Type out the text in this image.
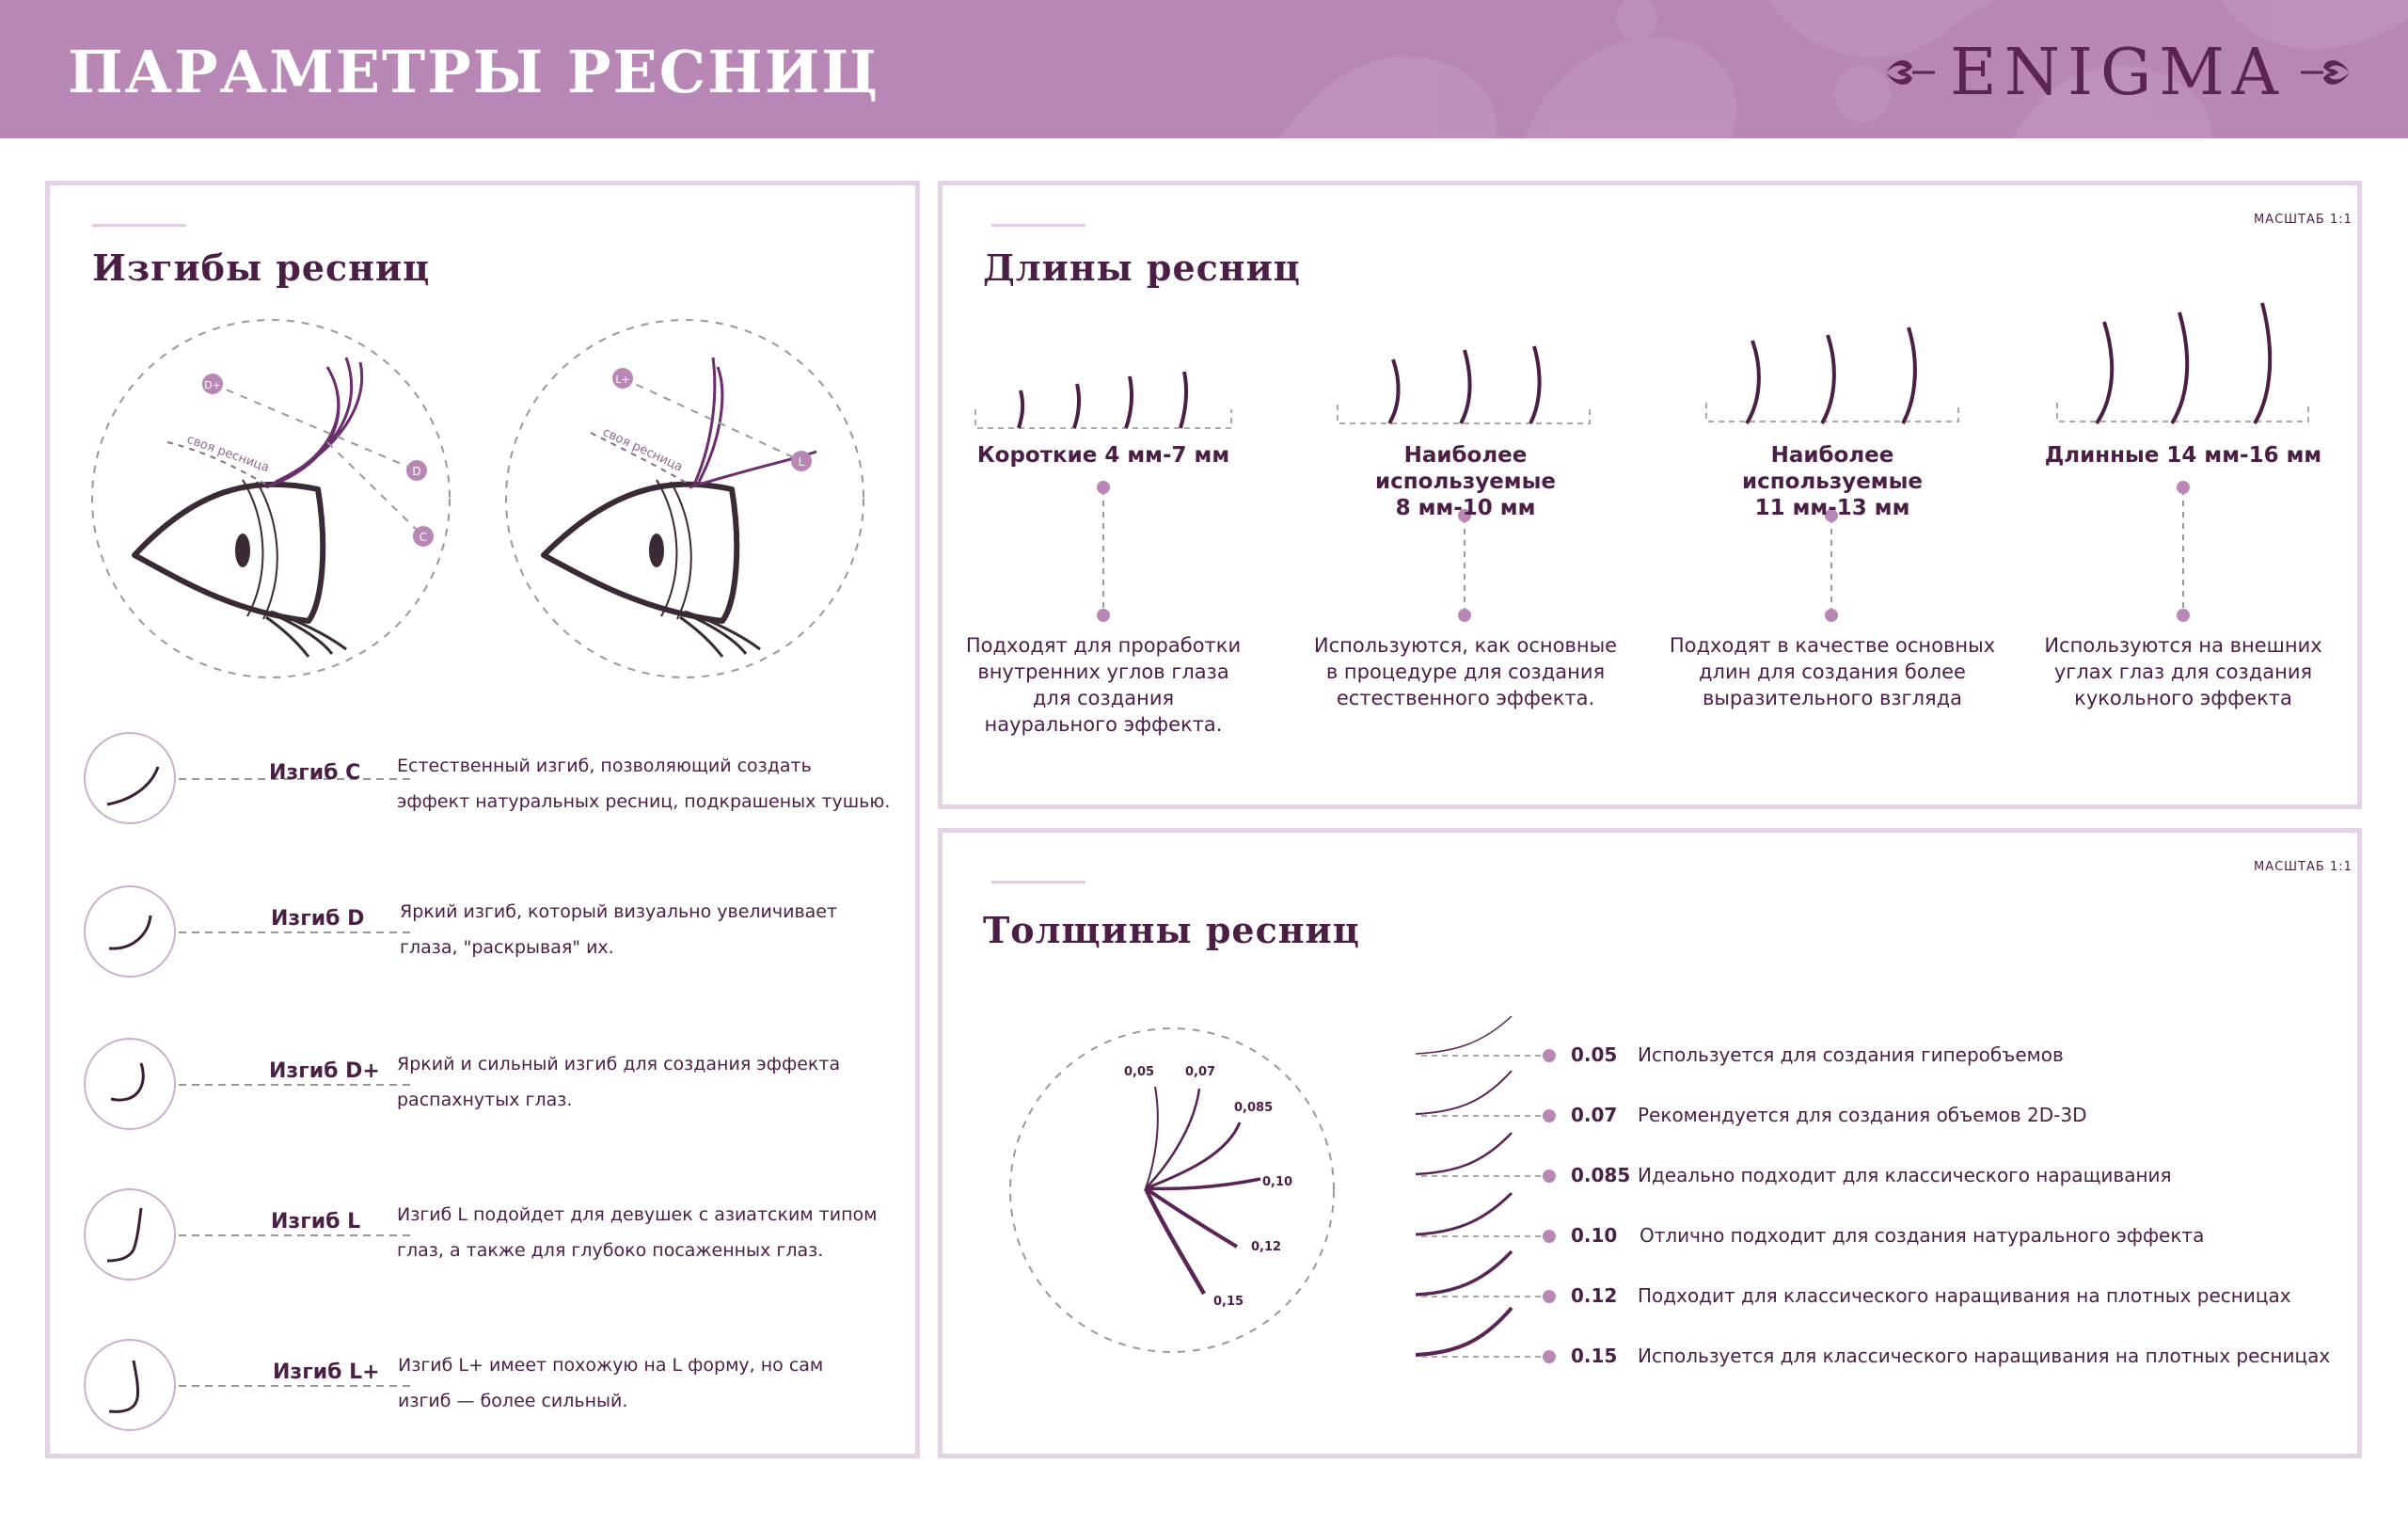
ПАРАМЕТРЫ РЕСНИЦ	ENIGMA
Изгибы ресниц
своя ресница
D+
D
C
своя ресница
L+
L
Изгиб C Естественный изгиб, позволяющий создать
эффект натуральных ресниц, подкрашеных тушью.
Изгиб D Яркий изгиб, который визуально увеличивает
глаза, "раскрывая" их.
Изгиб D+ Яркий и сильный изгиб для создания эффекта
распахнутых глаз.
Изгиб L Изгиб L подойдет для девушек с азиатским типом
глаз, а также для глубоко посаженных глаз.
Изгиб L+ Изгиб L+ имеет похожую на L форму, но сам
изгиб — более сильный.
Длины ресниц
МАСШТАБ 1:1
Короткие 4 мм-7 мм	Наиболее используемые
8 мм-10 мм
Наиболее используемые
11 мм-13 мм
Длинные 14 мм-16 мм
Подходят для проработки
внутренних углов глаза
для создания
наурального эффекта.
Используются, как основные
в процедуре для создания
естественного эффекта.
Подходят в качестве основных
длин для создания более
выразительного взгляда
Используются на внешних
углах глаз для создания
кукольного эффекта
Толщины ресниц
МАСШТАБ 1:1
0,05	0,07
0,085
0,10
0,12
0,15
0.05 Используется для создания гиперобъемов
0.07 Рекомендуется для создания объемов 2D-3D
0.085 Идеально подходит для классического наращивания
0.10 Отлично подходит для создания натурального эффекта
0.12 Подходит для классического наращивания на плотных ресницах
0.15 Используется для классического наращивания на плотных ресницах
